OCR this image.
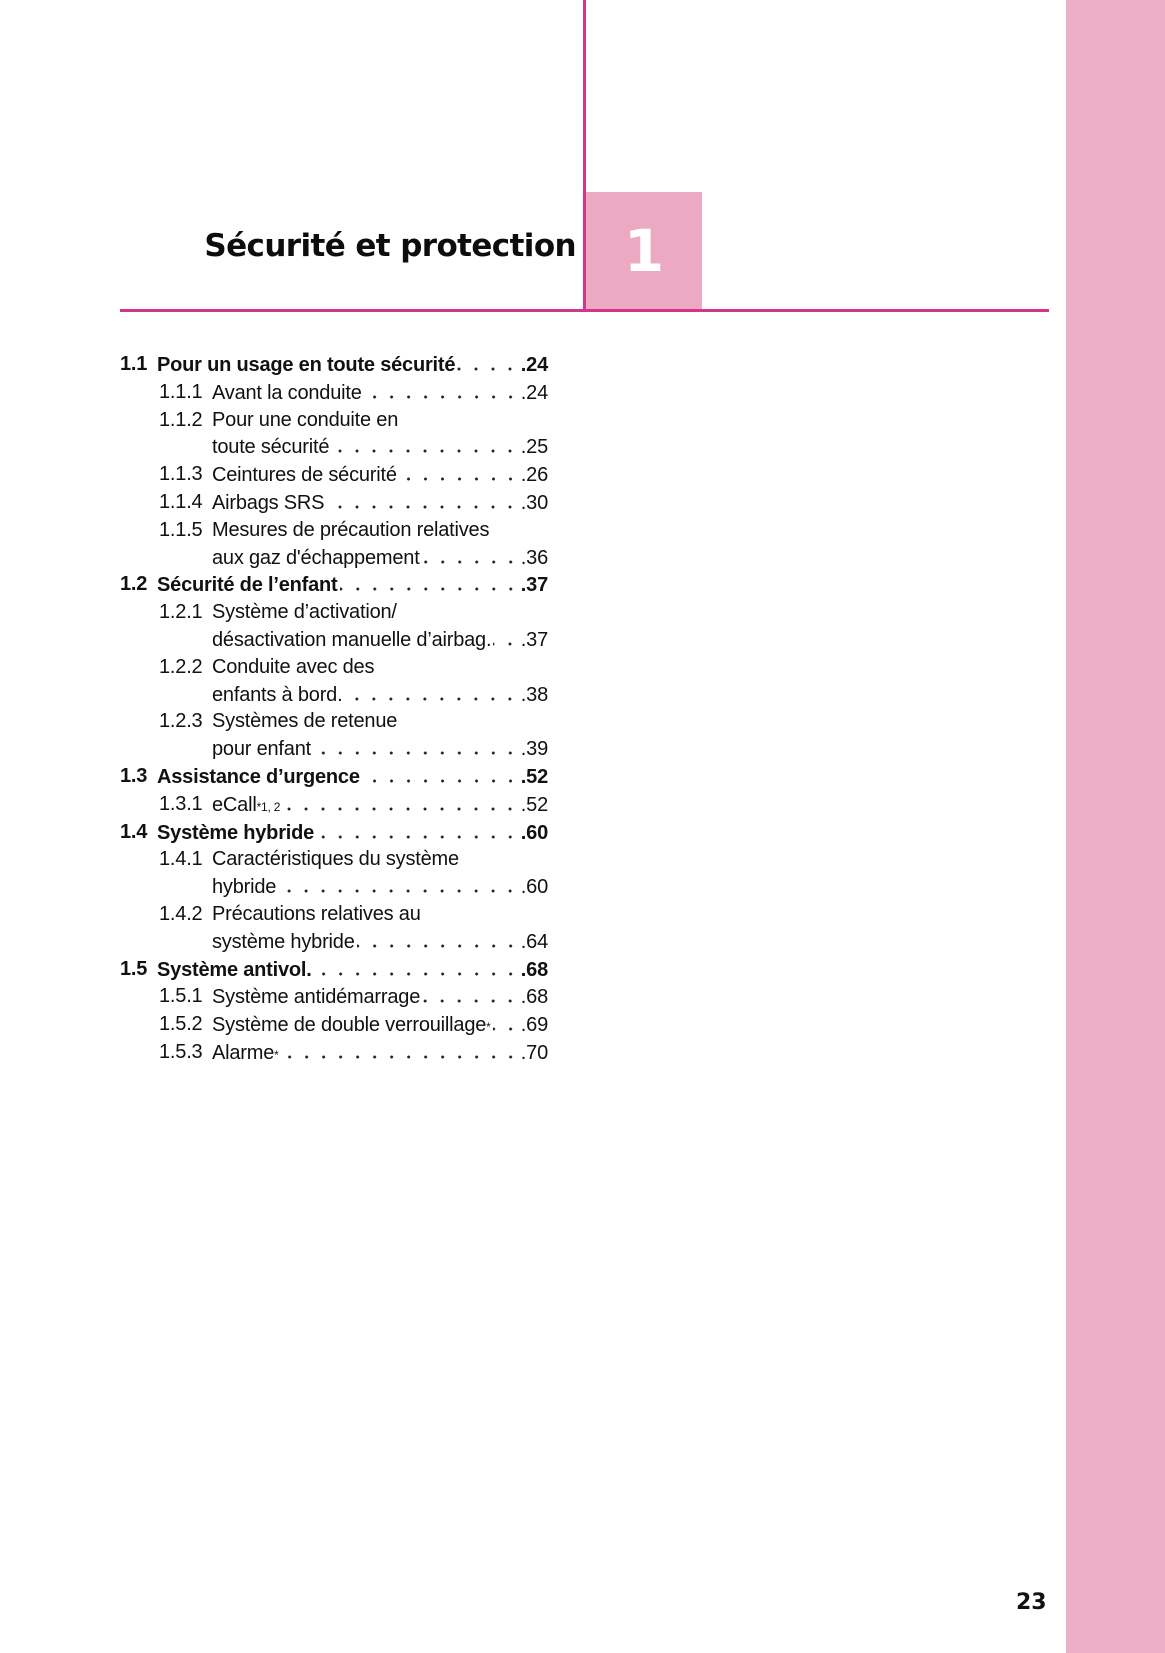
Sécurité et protection 1
1.1 Pour un usage en toute sécurité	.24
1.1.1 Avant la conduite	.24
1.1.2 Pour une conduite en
toute sécurité	.25
1.1.3 Ceintures de sécurité	.26
1.1.4 Airbags SRS	.30
1.1.5 Mesures de précaution relatives
aux gaz d'échappement	.36
1.2 Sécurité de l’enfant	.37
1.2.1 Système d’activation/
désactivation manuelle d’airbag. .37
1.2.2 Conduite avec des
enfants à bord.	.38
1.2.3 Systèmes de retenue
pour enfant	.39
1.3 Assistance d’urgence	.52
1.3.1 eCall *1, 2	.52
1.4 Système hybride	.60
1.4.1 Caractéristiques du système
hybride	.60
1.4.2 Précautions relatives au
système hybride	.64
1.5 Système antivol.	.68
1.5.1 Système antidémarrage	.68
1.5.2 Système de double verrouillage * .69
1.5.3 Alarme *	.70
23
